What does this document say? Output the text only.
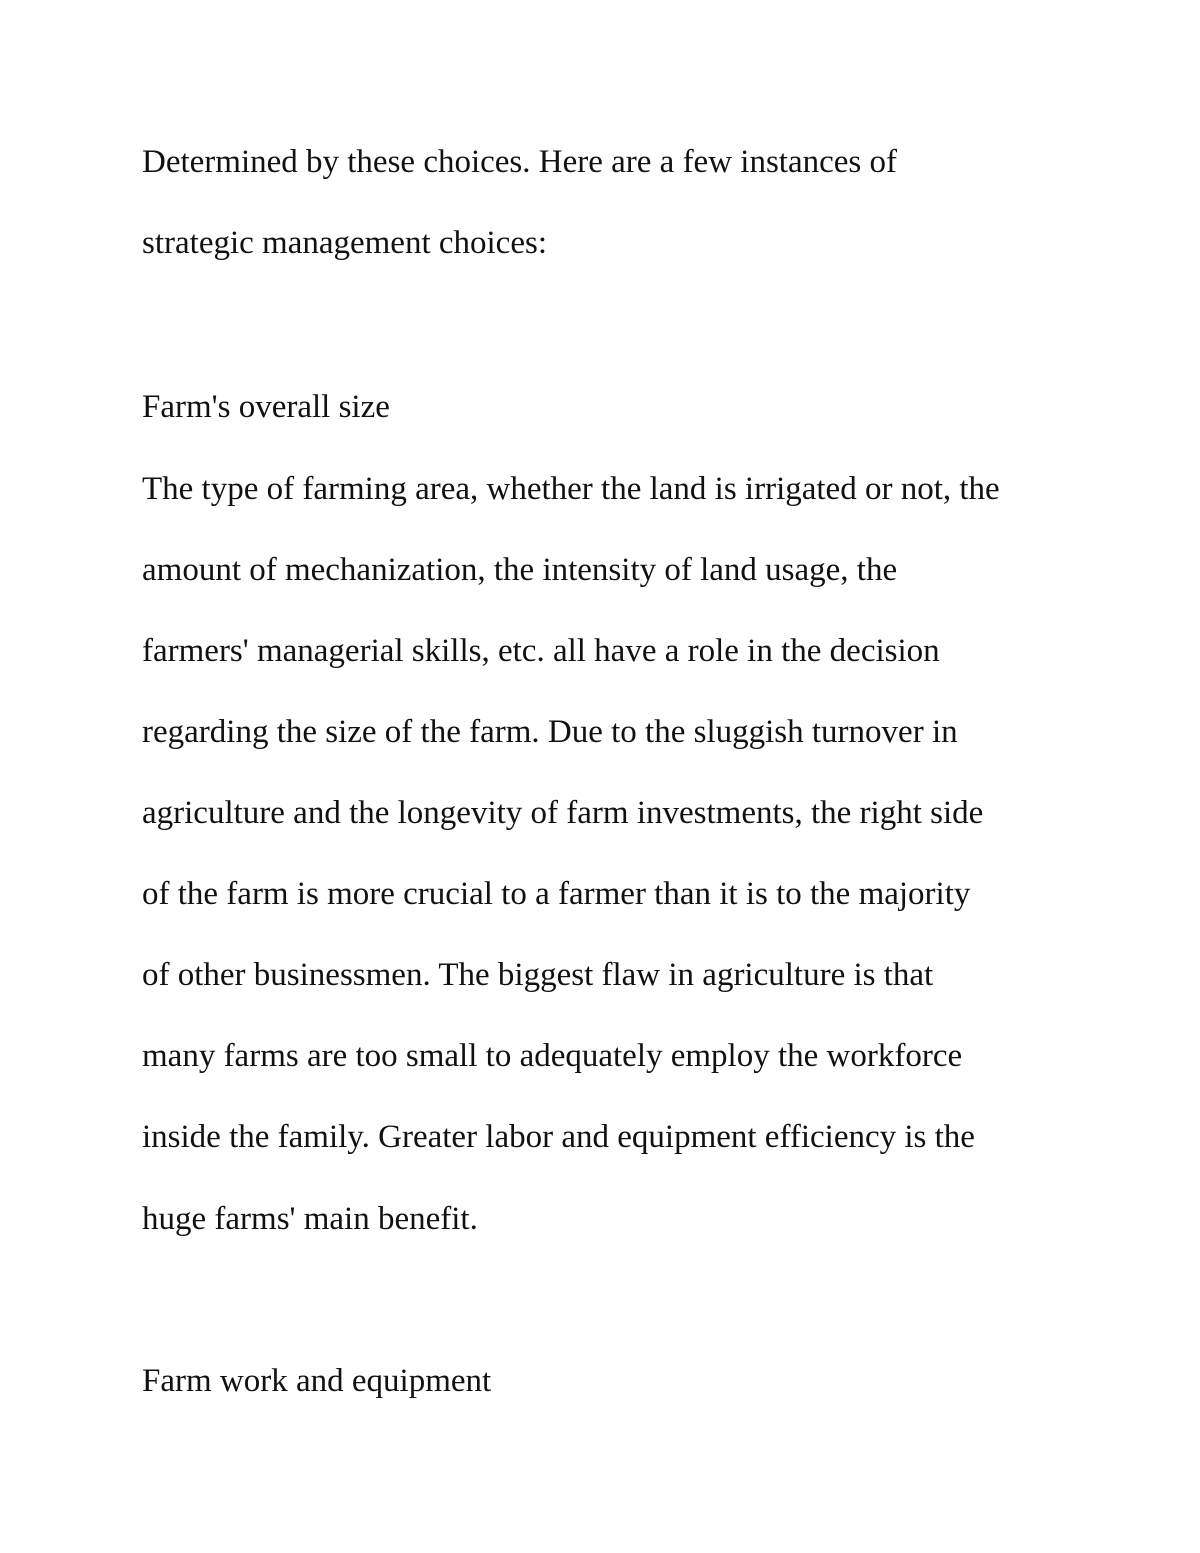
Determined by these choices. Here are a few instances of

strategic management choices:

Farm's overall size

The type of farming area, whether the land is irrigated or not, the

amount of mechanization, the intensity of land usage, the

farmers' managerial skills, etc. all have a role in the decision

regarding the size of the farm. Due to the sluggish turnover in

agriculture and the longevity of farm investments, the right side

of the farm is more crucial to a farmer than it is to the majority

of other businessmen. The biggest flaw in agriculture is that

many farms are too small to adequately employ the workforce

inside the family. Greater labor and equipment efficiency is the

huge farms' main benefit.

Farm work and equipment
